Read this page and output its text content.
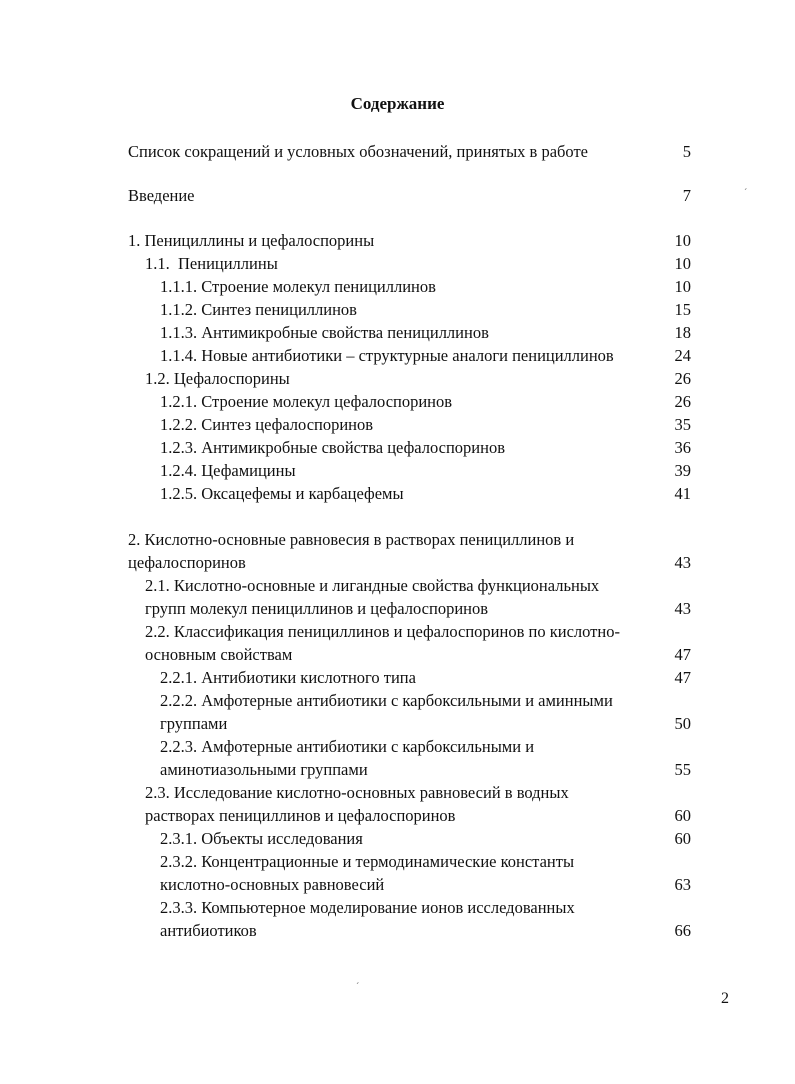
Содержание
Список сокращений и условных обозначений, принятых в работе	5
Введение	7
1. Пенициллины и цефалоспорины	10
1.1.  Пенициллины	10
1.1.1. Строение молекул пенициллинов	10
1.1.2. Синтез пенициллинов	15
1.1.3. Антимикробные свойства пенициллинов	18
1.1.4. Новые антибиотики – структурные аналоги пенициллинов	24
1.2. Цефалоспорины	26
1.2.1. Строение молекул цефалоспоринов	26
1.2.2. Синтез цефалоспоринов	35
1.2.3. Антимикробные свойства цефалоспоринов	36
1.2.4. Цефамицины	39
1.2.5. Оксацефемы и карбацефемы	41
2. Кислотно-основные равновесия в растворах пенициллинов и
цефалоспоринов	43
2.1. Кислотно-основные и лигандные свойства функциональных
групп молекул пенициллинов и цефалоспоринов	43
2.2. Классификация пенициллинов и цефалоспоринов по кислотно-
основным свойствам	47
2.2.1. Антибиотики кислотного типа	47
2.2.2. Амфотерные антибиотики с карбоксильными и аминными
группами	50
2.2.3. Амфотерные антибиотики с карбоксильными и
аминотиазольными группами	55
2.3. Исследование кислотно-основных равновесий в водных
растворах пенициллинов и цефалоспоринов	60
2.3.1. Объекты исследования	60
2.3.2. Концентрационные и термодинамические константы
кислотно-основных равновесий	63
2.3.3. Компьютерное моделирование ионов исследованных
антибиотиков	66
ˊ
ˊ
2
